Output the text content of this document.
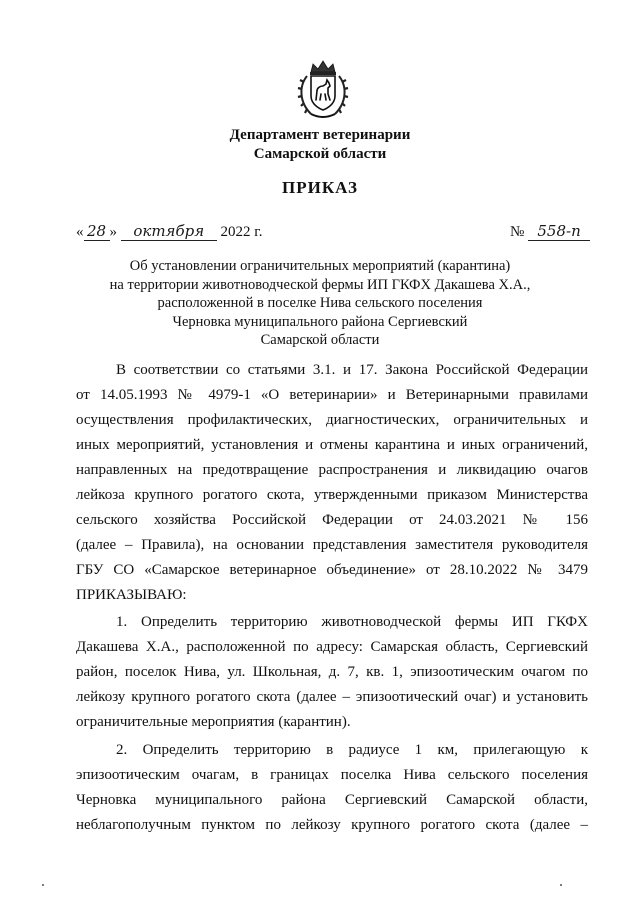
Департамент ветеринарии
Самарской области
ПРИКАЗ
« 28 » октября 2022 г.	№ 558-п
Об установлении ограничительных мероприятий (карантина)
на территории животноводческой фермы ИП ГКФХ Дакашева Х.А.,
расположенной в поселке Нива сельского поселения
Черновка муниципального района Сергиевский
Самарской области
В соответствии со статьями 3.1. и 17. Закона Российской Федерации
от 14.05.1993 № 4979-1 «О ветеринарии» и Ветеринарными правилами
осуществления профилактических, диагностических, ограничительных и
иных мероприятий, установления и отмены карантина и иных ограничений,
направленных на предотвращение распространения и ликвидацию очагов
лейкоза крупного рогатого скота, утвержденными приказом Министерства
сельского хозяйства Российской Федерации от 24.03.2021 № 156
(далее – Правила), на основании представления заместителя руководителя
ГБУ СО «Самарское ветеринарное объединение» от 28.10.2022 № 3479
ПРИКАЗЫВАЮ:
1. Определить территорию животноводческой фермы ИП ГКФХ
Дакашева Х.А., расположенной по адресу: Самарская область, Сергиевский
район, поселок Нива, ул. Школьная, д. 7, кв. 1, эпизоотическим очагом по
лейкозу крупного рогатого скота (далее – эпизоотический очаг) и установить
ограничительные мероприятия (карантин).
2. Определить территорию в радиусе 1 км, прилегающую к
эпизоотическим очагам, в границах поселка Нива сельского поселения
Черновка муниципального района Сергиевский Самарской области,
неблагополучным пунктом по лейкозу крупного рогатого скота (далее –
